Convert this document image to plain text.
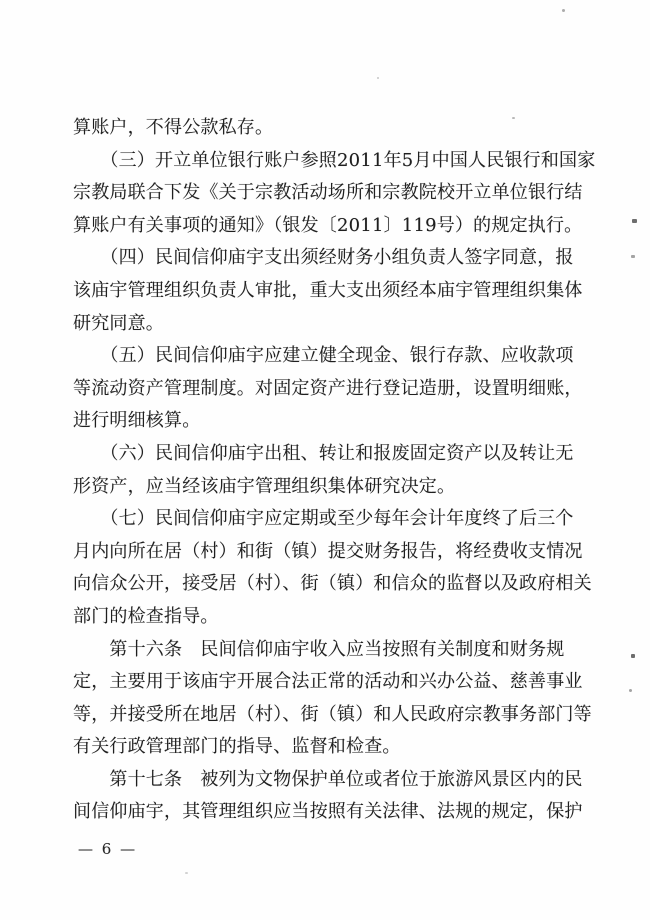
算账户，不得公款私存。
　　（三）开立单位银行账户参照2011年5月中国人民银行和国家
宗教局联合下发《关于宗教活动场所和宗教院校开立单位银行结
算账户有关事项的通知》（银发〔2011〕119号）的规定执行。
　　（四）民间信仰庙宇支出须经财务小组负责人签字同意，报
该庙宇管理组织负责人审批，重大支出须经本庙宇管理组织集体
研究同意。
　　（五）民间信仰庙宇应建立健全现金、银行存款、应收款项
等流动资产管理制度。对固定资产进行登记造册，设置明细账，
进行明细核算。
　　（六）民间信仰庙宇出租、转让和报废固定资产以及转让无
形资产，应当经该庙宇管理组织集体研究决定。
　　（七）民间信仰庙宇应定期或至少每年会计年度终了后三个
月内向所在居（村）和街（镇）提交财务报告，将经费收支情况
向信众公开，接受居（村）、街（镇）和信众的监督以及政府相关
部门的检查指导。
　　第十六条　民间信仰庙宇收入应当按照有关制度和财务规
定，主要用于该庙宇开展合法正常的活动和兴办公益、慈善事业
等，并接受所在地居（村）、街（镇）和人民政府宗教事务部门等
有关行政管理部门的指导、监督和检查。
　　第十七条　被列为文物保护单位或者位于旅游风景区内的民
间信仰庙宇，其管理组织应当按照有关法律、法规的规定，保护
— 6 —
